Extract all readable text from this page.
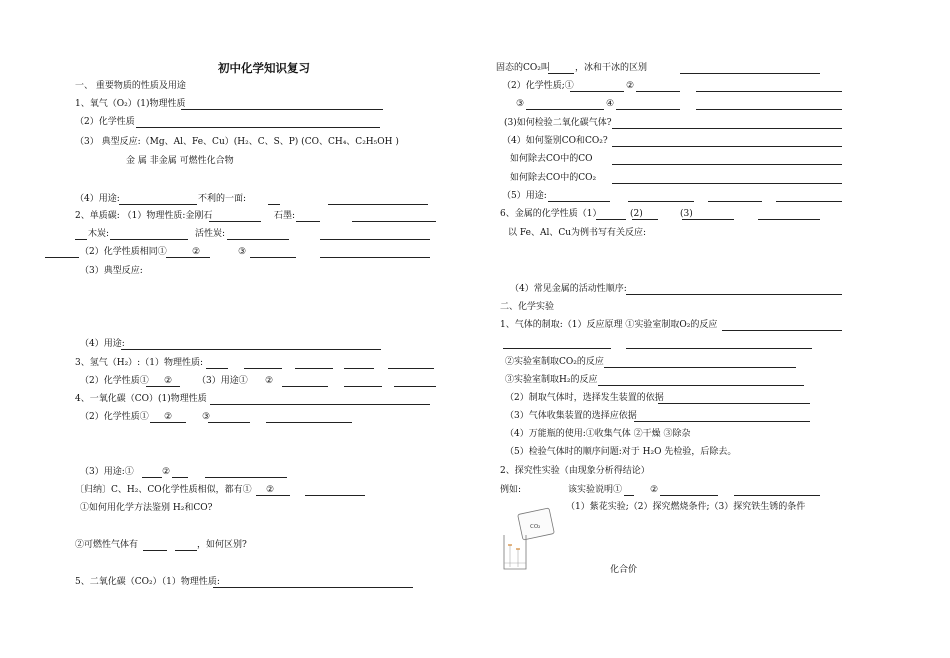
初中化学知识复习
一、 重要物质的性质及用途
1、氧气（O₂）(1)物理性质
（2）化学性质
（3） 典型反应:（Mg、Al、Fe、Cu）(H₂、C、S、P) (CO、CH₄、C₂H₅OH )
金 属 非金属 可燃性化合物
（4）用途:	不利的一面:
2、单质碳: （1）物理性质:金刚石	石墨:
木炭:	活性炭:
（2）化学性质相同①	②	③
（3）典型反应:
（4）用途:
3、氢气（H₂）:（1）物理性质:
（2）化学性质① ②	（3）用途① ②
4、一氧化碳（CO）(1)物理性质
（2）化学性质① ②	③
（3）用途:①	②
〔归纳〕C、H₂、CO化学性质相似，都有① ②
①如何用化学方法鉴别 H₂和CO?
②可燃性气体有	，如何区别?
5、二氧化碳（CO₂）（1）物理性质:
固态的CO₂叫	，冰和干冰的区别
（2）化学性质;①	②
③	④
(3)如何检验二氧化碳气体?
（4）如何鉴别CO和CO₂?
如何除去CO中的CO
如何除去CO中的CO₂
（5）用途:
6、金属的化学性质（1）	(2)	(3)
以 Fe、Al、Cu为例书写有关反应:
（4）常见金属的活动性顺序:
二、化学实验
1、气体的制取:（1）反应原理 ①实验室制取O₂的反应
②实验室制取CO₂的反应
③实验室制取H₂的反应
（2）制取气体时，选择发生装置的依据
（3）气体收集装置的选择应依据
（4）万能瓶的使用:①收集气体 ②干燥 ③除杂
（5）检验气体时的顺序问题:对于 H₂O 先检验，后除去。
2、探究性实验（由现象分析得结论）
例如:	该实验说明①	②
（1）紫花实验;（2）探究燃烧条件;（3）探究铁生锈的条件
CO₂
化合价
